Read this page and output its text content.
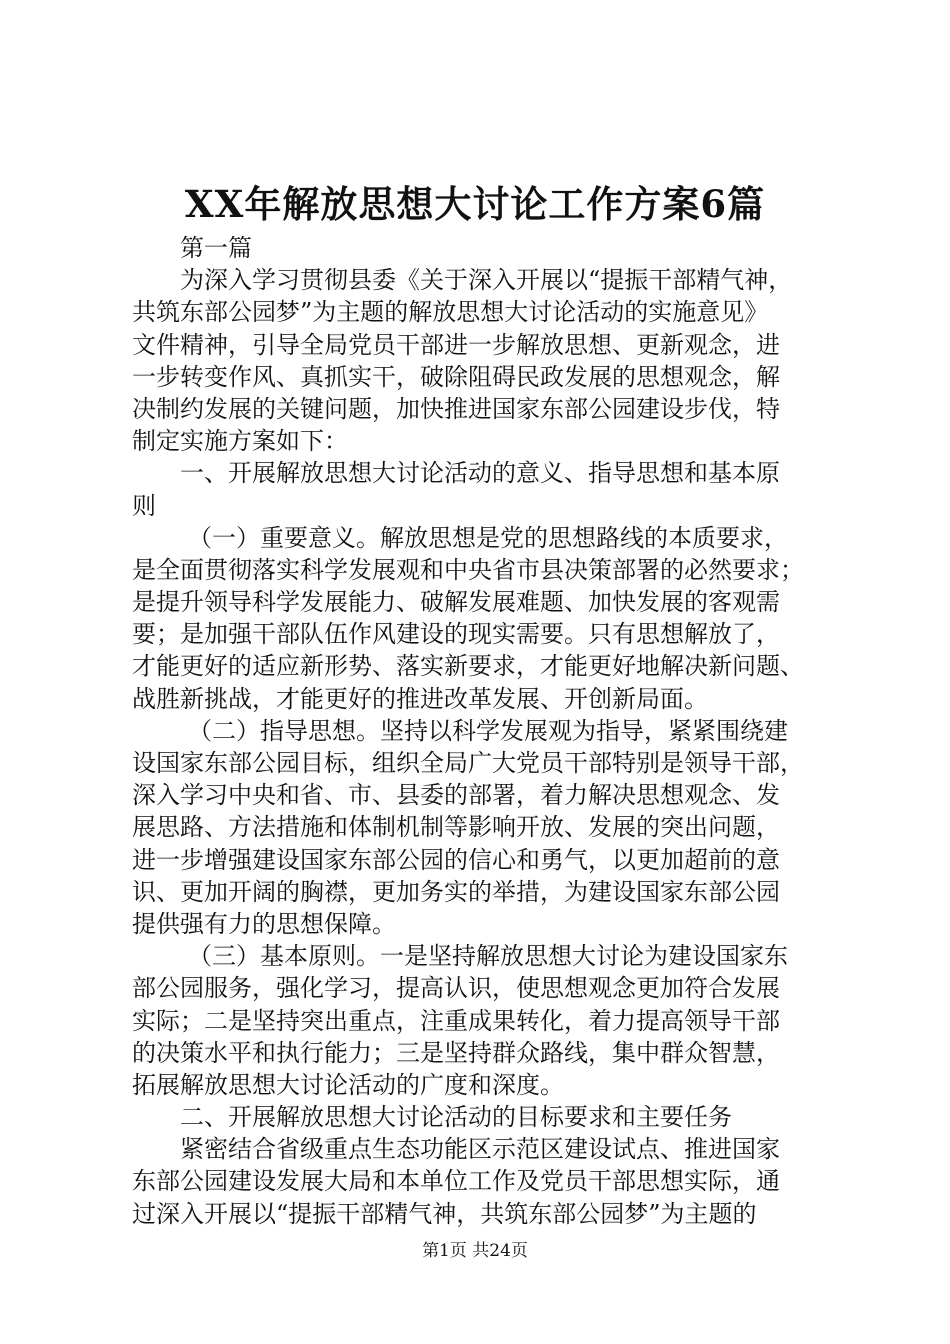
XX年解放思想大讨论工作方案6篇
第一篇
为深入学习贯彻县委《关于深入开展以“提振干部精气神，
共筑东部公园梦”为主题的解放思想大讨论活动的实施意见》
文件精神，引导全局党员干部进一步解放思想、更新观念，进
一步转变作风、真抓实干，破除阻碍民政发展的思想观念，解
决制约发展的关键问题，加快推进国家东部公园建设步伐，特
制定实施方案如下：
一、开展解放思想大讨论活动的意义、指导思想和基本原
则
（一）重要意义。解放思想是党的思想路线的本质要求，
是全面贯彻落实科学发展观和中央省市县决策部署的必然要求；
是提升领导科学发展能力、破解发展难题、加快发展的客观需
要；是加强干部队伍作风建设的现实需要。只有思想解放了，
才能更好的适应新形势、落实新要求，才能更好地解决新问题、
战胜新挑战，才能更好的推进改革发展、开创新局面。
（二）指导思想。坚持以科学发展观为指导，紧紧围绕建
设国家东部公园目标，组织全局广大党员干部特别是领导干部，
深入学习中央和省、市、县委的部署，着力解决思想观念、发
展思路、方法措施和体制机制等影响开放、发展的突出问题，
进一步增强建设国家东部公园的信心和勇气，以更加超前的意
识、更加开阔的胸襟，更加务实的举措，为建设国家东部公园
提供强有力的思想保障。
（三）基本原则。一是坚持解放思想大讨论为建设国家东
部公园服务，强化学习，提高认识，使思想观念更加符合发展
实际；二是坚持突出重点，注重成果转化，着力提高领导干部
的决策水平和执行能力；三是坚持群众路线，集中群众智慧，
拓展解放思想大讨论活动的广度和深度。
二、开展解放思想大讨论活动的目标要求和主要任务
紧密结合省级重点生态功能区示范区建设试点、推进国家
东部公园建设发展大局和本单位工作及党员干部思想实际，通
过深入开展以“提振干部精气神，共筑东部公园梦”为主题的
第1页 共24页
